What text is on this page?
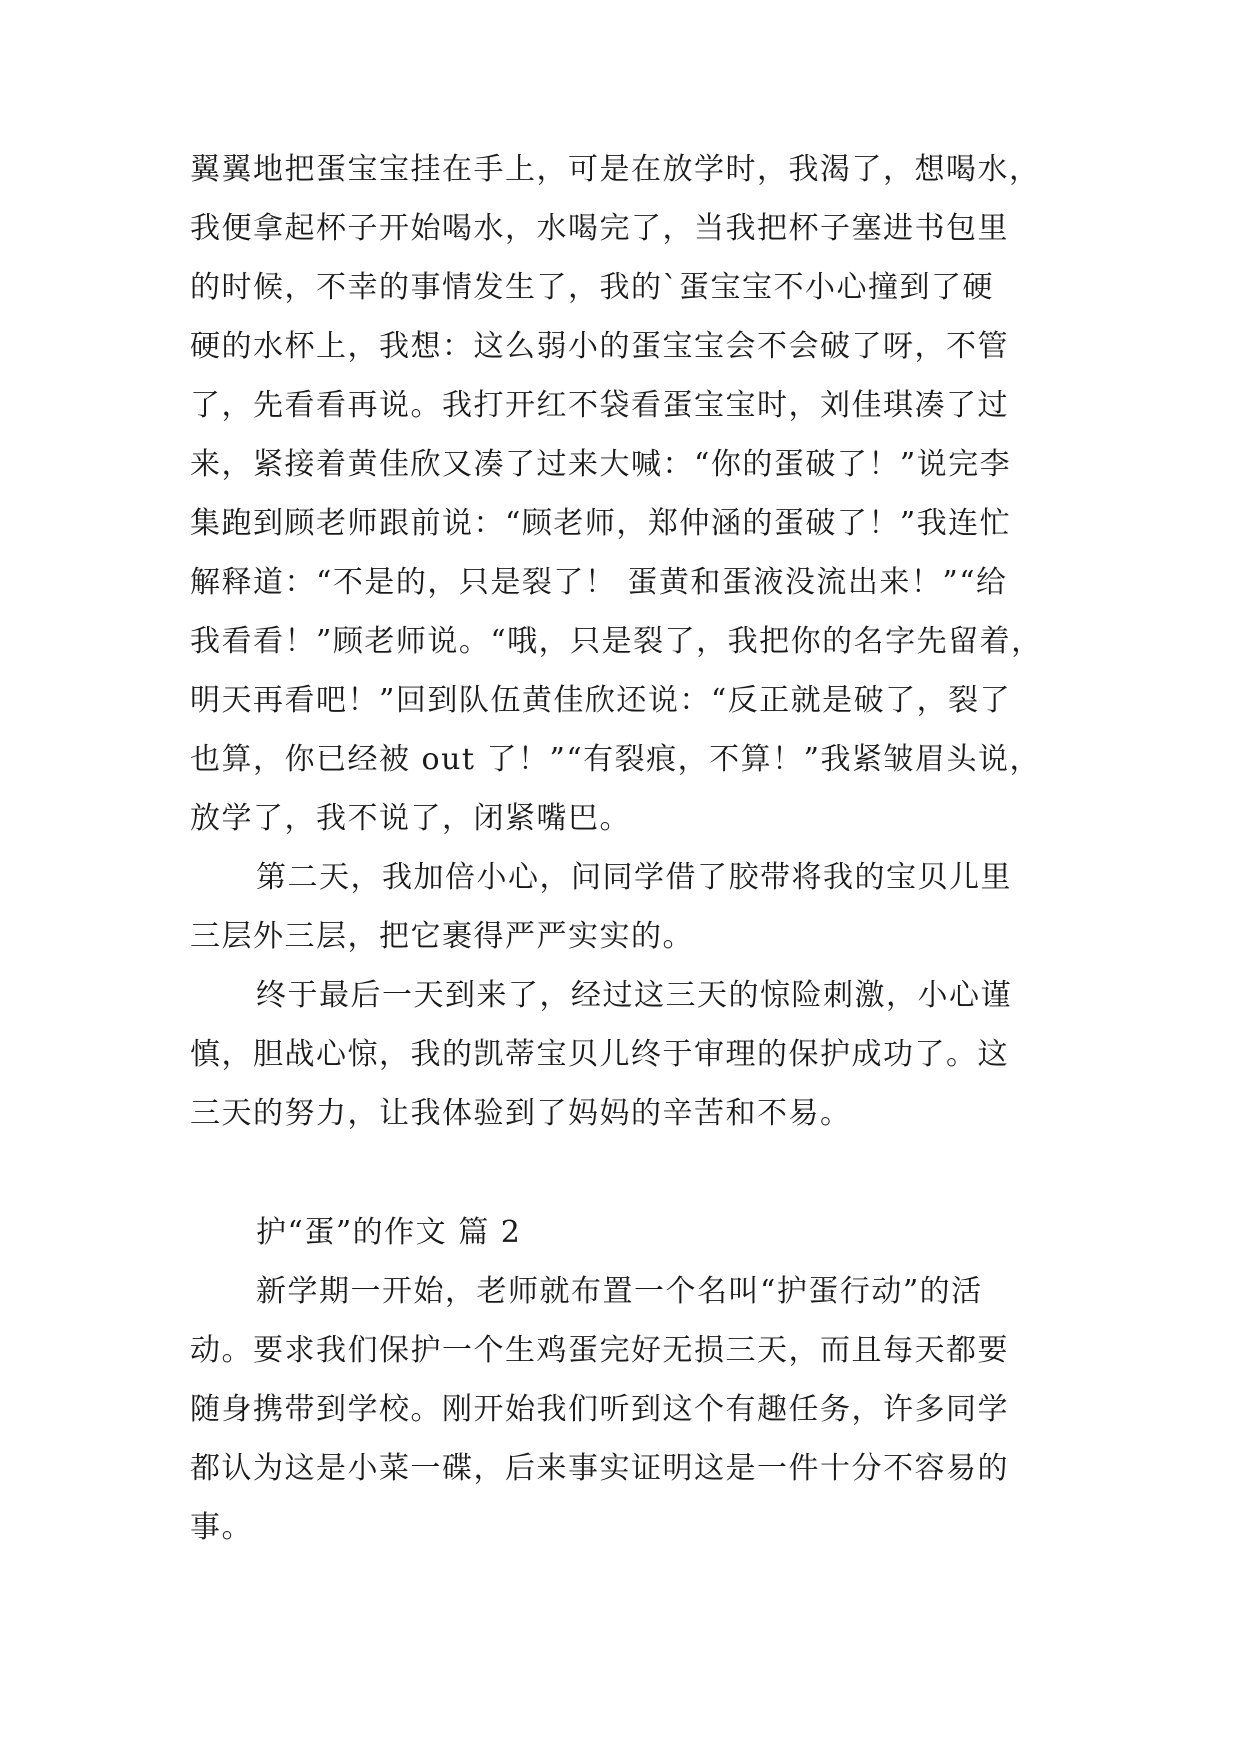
翼翼地把蛋宝宝挂在手上，可是在放学时，我渴了，想喝水，
我便拿起杯子开始喝水，水喝完了，当我把杯子塞进书包里
的时候，不幸的事情发生了，我的`蛋宝宝不小心撞到了硬
硬的水杯上，我想：这么弱小的蛋宝宝会不会破了呀，不管
了，先看看再说。我打开红不袋看蛋宝宝时，刘佳琪凑了过
来，紧接着黄佳欣又凑了过来大喊：“你的蛋破了！”说完李
集跑到顾老师跟前说：“顾老师，郑仲涵的蛋破了！”我连忙
解释道：“不是的，只是裂了！ 蛋黄和蛋液没流出来！”“给
我看看！”顾老师说。“哦，只是裂了，我把你的名字先留着，
明天再看吧！”回到队伍黄佳欣还说：“反正就是破了，裂了
也算，你已经被 out 了！”“有裂痕，不算！”我紧皱眉头说，
放学了，我不说了，闭紧嘴巴。
第二天，我加倍小心，问同学借了胶带将我的宝贝儿里
三层外三层，把它裹得严严实实的。
终于最后一天到来了，经过这三天的惊险刺激，小心谨
慎，胆战心惊，我的凯蒂宝贝儿终于审理的保护成功了。这
三天的努力，让我体验到了妈妈的辛苦和不易。
护“蛋”的作文 篇 2
新学期一开始，老师就布置一个名叫“护蛋行动”的活
动。要求我们保护一个生鸡蛋完好无损三天，而且每天都要
随身携带到学校。刚开始我们听到这个有趣任务，许多同学
都认为这是小菜一碟，后来事实证明这是一件十分不容易的
事。
